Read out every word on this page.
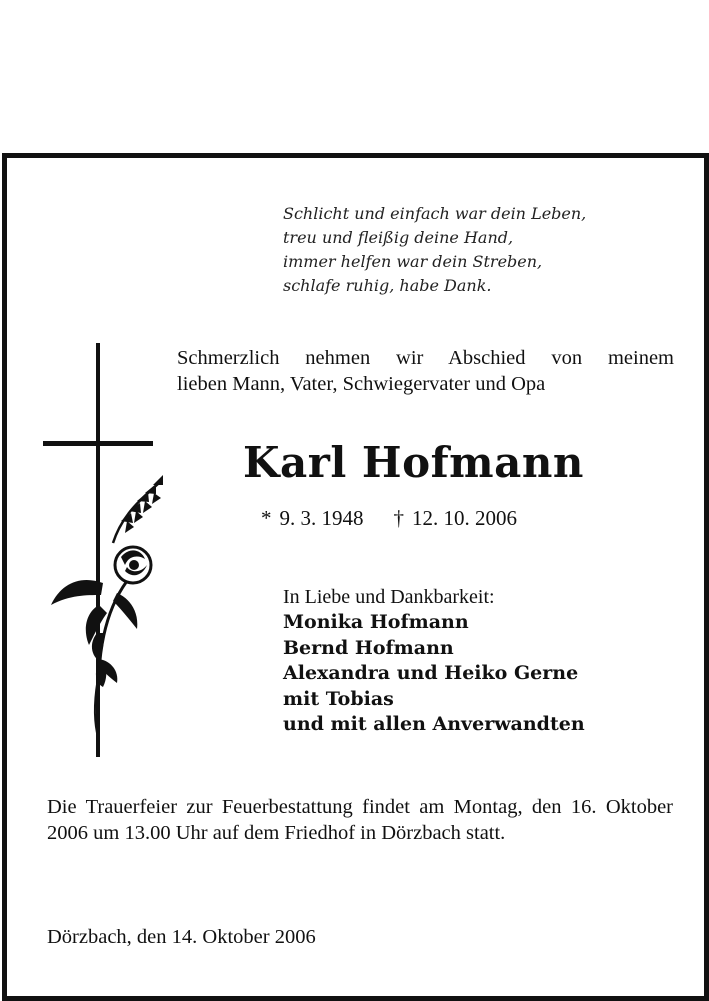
Schlicht und einfach war dein Leben,
treu und fleißig deine Hand,
immer helfen war dein Streben,
schlafe ruhig, habe Dank.
Schmerzlich nehmen wir Abschied von meinem
lieben Mann, Vater, Schwiegervater und Opa
Karl Hofmann
* 9. 3. 1948 † 12. 10. 2006
In Liebe und Dankbarkeit:
Monika Hofmann
Bernd Hofmann
Alexandra und Heiko Gerne
mit Tobias
und mit allen Anverwandten
Die Trauerfeier zur Feuerbestattung findet am Montag, den 16. Oktober 2006 um 13.00 Uhr auf dem Friedhof in Dörzbach statt.
Dörzbach, den 14. Oktober 2006
